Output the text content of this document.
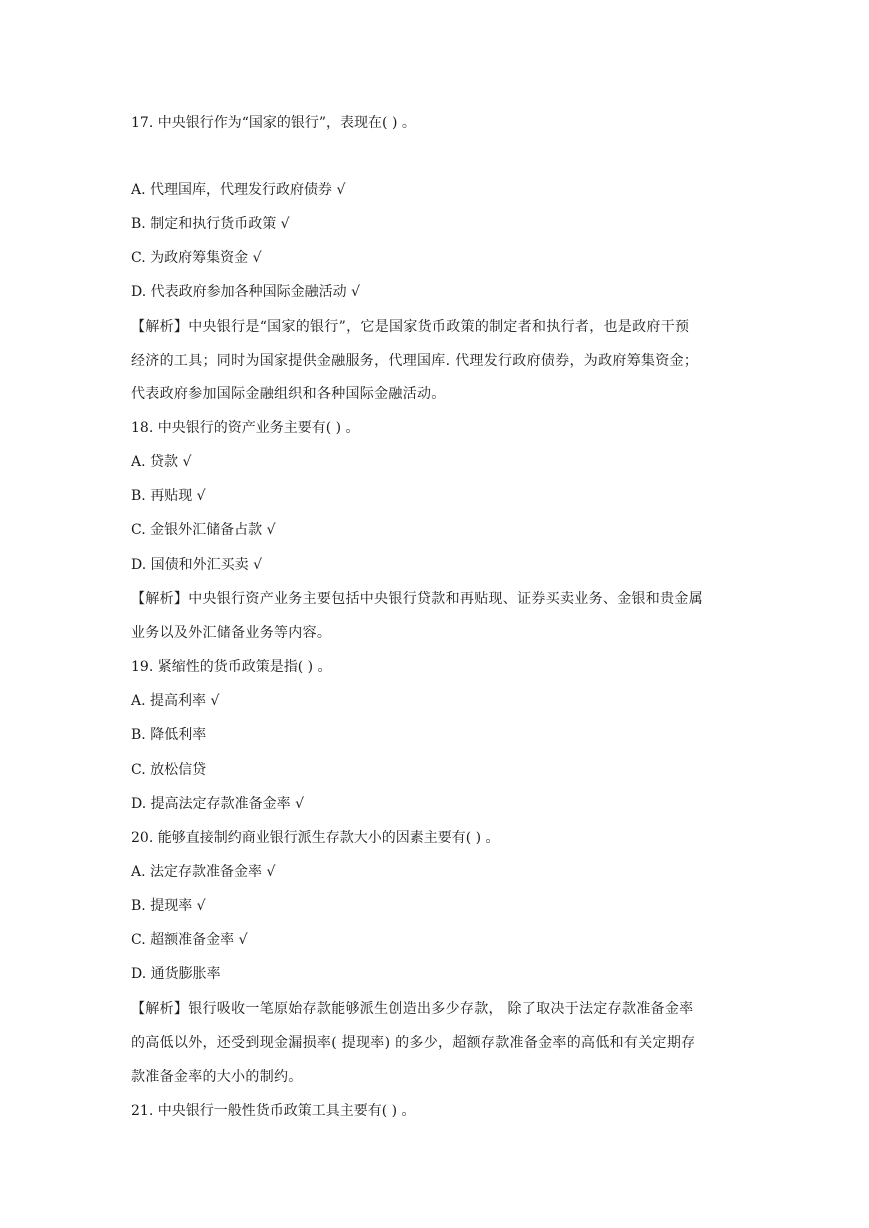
17. 中央银行作为“国家的银行”，表现在( ) 。
A. 代理国库，代理发行政府债券 √
B. 制定和执行货币政策 √
C. 为政府筹集资金 √
D. 代表政府参加各种国际金融活动 √
【解析】中央银行是“国家的银行”，它是国家货币政策的制定者和执行者，也是政府干预
经济的工具；同时为国家提供金融服务，代理国库. 代理发行政府债券，为政府筹集资金；
代表政府参加国际金融组织和各种国际金融活动。
18. 中央银行的资产业务主要有( ) 。
A. 贷款 √
B. 再贴现 √
C. 金银外汇储备占款 √
D. 国债和外汇买卖 √
【解析】中央银行资产业务主要包括中央银行贷款和再贴现、证券买卖业务、金银和贵金属
业务以及外汇储备业务等内容。
19. 紧缩性的货币政策是指( ) 。
A. 提高利率 √
B. 降低利率
C. 放松信贷
D. 提高法定存款准备金率 √
20. 能够直接制约商业银行派生存款大小的因素主要有( ) 。
A. 法定存款准备金率 √
B. 提现率 √
C. 超额准备金率 √
D. 通货膨胀率
【解析】银行吸收一笔原始存款能够派生创造出多少存款， 除了取决于法定存款准备金率
的高低以外，还受到现金漏损率( 提现率) 的多少，超额存款准备金率的高低和有关定期存
款准备金率的大小的制约。
21. 中央银行一般性货币政策工具主要有( ) 。
